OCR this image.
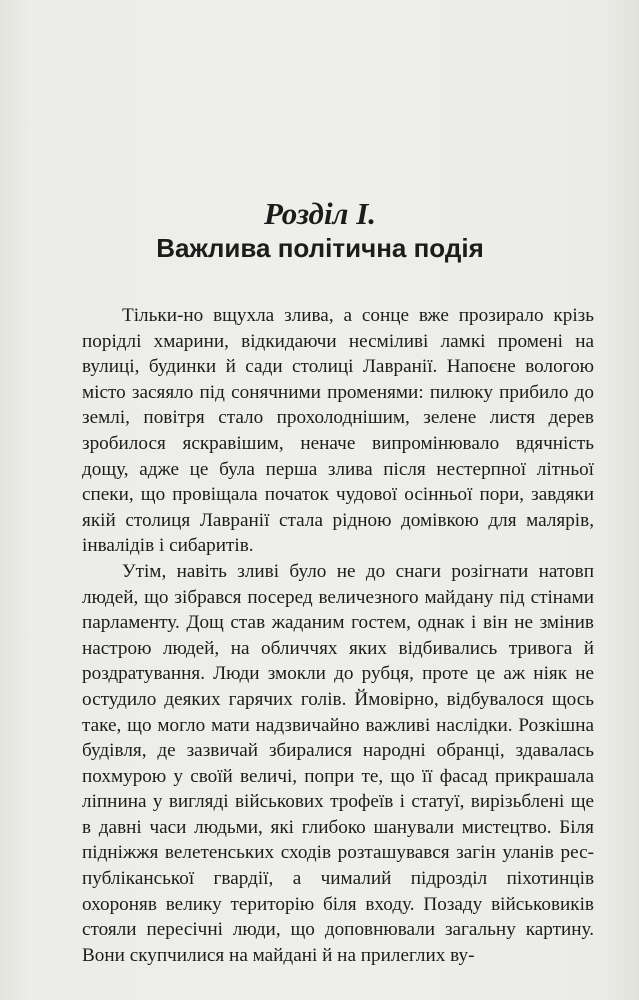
Розділ І.
Важлива політична подія

Тільки-но вщухла злива, а сонце вже прозирало крізь порідлі хмарини, відкидаючи несміливі ламкі промені на вулиці, будинки й сади столиці Лавранії. Напоєне вологою місто засяяло під сонячними променями: пилюку прибило до землі, повітря стало прохолоднішим, зелене листя дерев зробилося яскравішим, неначе випромінювало вдячність дощу, адже це була перша злива після нестерпної літньої спеки, що провіщала початок чудової осінньої пори, завдяки якій столиця Лавранії стала рідною домівкою для малярів, інвалідів і сибаритів.

Утім, навіть зливі було не до снаги розігнати натовп людей, що зібрався посеред величезного майдану під стінами парламенту. Дощ став жаданим гостем, однак і він не змінив настрою людей, на обличчях яких відбивались тривога й роздратування. Люди змокли до рубця, проте це аж ніяк не остудило деяких гарячих голів. Ймовірно, відбувалося щось таке, що могло мати надзвичайно важливі наслідки. Розкішна будівля, де зазвичай збиралися народні обранці, здавалась похмурою у своїй величі, попри те, що її фасад прикрашала ліпнина у вигляді військових трофеїв і статуї, вирізьблені ще в давні часи людьми, які глибоко шанували мистецтво. Біля підніжжя велетенських сходів розташувався загін уланів республіканської гвардії, а чималий підрозділ піхотинців охороняв велику територію біля входу. Позаду військовиків стояли пересічні люди, що доповнювали загальну картину. Вони скупчилися на майдані й на прилеглих ву-
